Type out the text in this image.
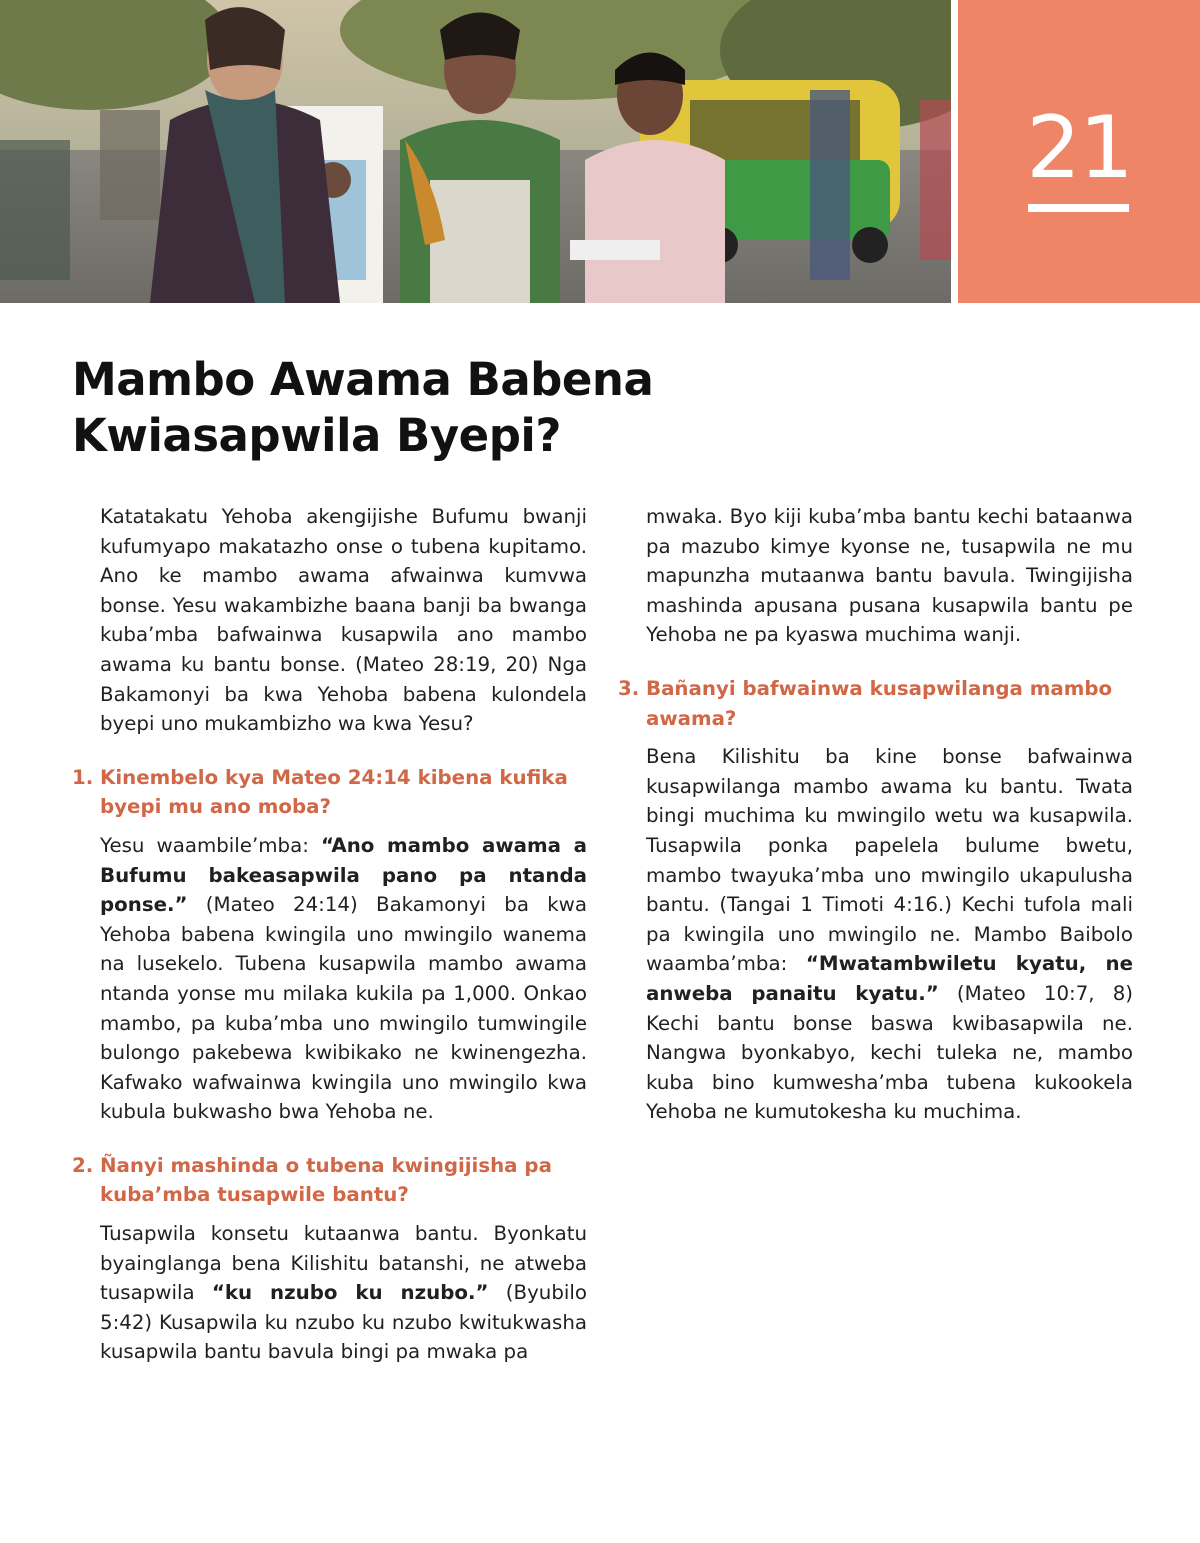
21
Mambo Awama Babena
Kwiasapwila Byepi?

Katatakatu Yehoba akengijishe Bufumu bwanji kufumyapo makatazho onse o tubena kupitamo. Ano ke mambo awama afwainwa kumvwa bonse. Yesu wakambizhe baana banji ba bwanga kuba’mba bafwainwa kusapwila ano mambo awama ku bantu bonse. (Mateo 28:19, 20) Nga Bakamonyi ba kwa Yehoba babena kulondela byepi uno mukambizho wa kwa Yesu?

1. Kinembelo kya Mateo 24:14 kibena kufika byepi mu ano moba?

Yesu waambile’mba: “Ano mambo awama a Bufumu bakeasapwila pano pa ntanda ponse.” (Mateo 24:14) Bakamonyi ba kwa Yehoba babena kwingila uno mwingilo wanema na lusekelo. Tubena kusapwila mambo awama ntanda yonse mu milaka kukila pa 1,000. Onkao mambo, pa kuba’mba uno mwingilo tumwingile bulongo pakebewa kwibikako ne kwinengezha. Kafwako wafwainwa kwingila uno mwingilo kwa kubula bukwasho bwa Yehoba ne.

2. Ñanyi mashinda o tubena kwingijisha pa kuba’mba tusapwile bantu?

Tusapwila konsetu kutaanwa bantu. Byonkatu byainglanga bena Kilishitu batanshi, ne atweba tusapwila “ku nzubo ku nzubo.” (Byubilo 5:42) Kusapwila ku nzubo ku nzubo kwitukwasha kusapwila bantu bavula bingi pa mwaka pa

mwaka. Byo kiji kuba’mba bantu kechi bataanwa pa mazubo kimye kyonse ne, tusapwila ne mu mapunzha mutaanwa bantu bavula. Twingijisha mashinda apusana pusana kusapwila bantu pe Yehoba ne pa kyaswa muchima wanji.

3. Bañanyi bafwainwa kusapwilanga mambo awama?

Bena Kilishitu ba kine bonse bafwainwa kusapwilanga mambo awama ku bantu. Twata bingi muchima ku mwingilo wetu wa kusapwila. Tusapwila ponka papelela bulume bwetu, mambo twayuka’mba uno mwingilo ukapulusha bantu. (Tangai 1 Timoti 4:16.) Kechi tufola mali pa kwingila uno mwingilo ne. Mambo Baibolo waamba’mba: “Mwatambwiletu kyatu, ne anweba panaitu kyatu.” (Mateo 10:7, 8) Kechi bantu bonse baswa kwibasapwila ne. Nangwa byonkabyo, kechi tuleka ne, mambo kuba bino kumwesha’mba tubena kukookela Yehoba ne kumutokesha ku muchima.
